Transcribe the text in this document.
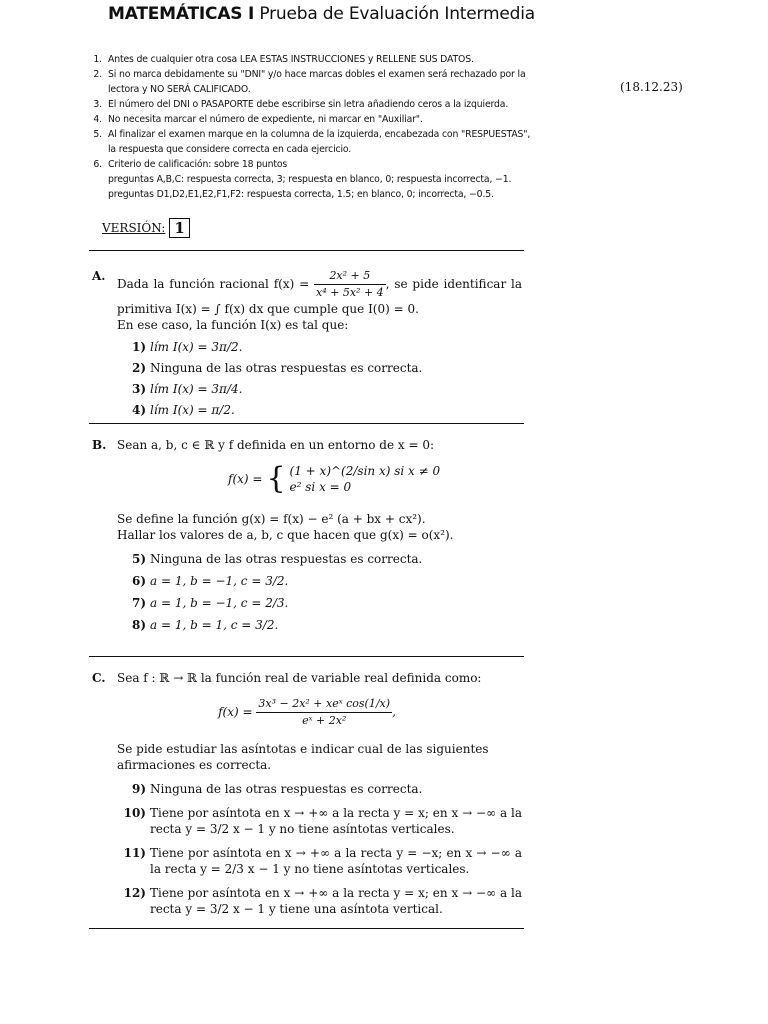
MATEMÁTICAS I Prueba de Evaluación Intermedia
1. Antes de cualquier otra cosa LEA ESTAS INSTRUCCIONES y RELLENE SUS DATOS.
2. Si no marca debidamente su "DNI" y/o hace marcas dobles el examen será rechazado por la lectora y NO SERÁ CALIFICADO.
3. El número del DNI o PASAPORTE debe escribirse sin letra añadiendo ceros a la izquierda.
4. No necesita marcar el número de expediente, ni marcar en "Auxiliar".
5. Al finalizar el examen marque en la columna de la izquierda, encabezada con "RESPUESTAS", la respuesta que considere correcta en cada ejercicio.
6. Criterio de calificación: sobre 18 puntos
preguntas A,B,C: respuesta correcta, 3; respuesta en blanco, 0; respuesta incorrecta, −1.
preguntas D1,D2,E1,E2,F1,F2: respuesta correcta, 1.5; en blanco, 0; incorrecta, −0.5.
(18.12.23)
VERSIÓN: 1
A.
Dada la función racional $f(x) = \frac{\text{2x² + 5}}{\text{x⁴ + 5x² + 4}}$ , se pide identificar la primitiva I(x) = ∫ f(x) dx que cumple que I(0) = 0.
En ese caso, la función I(x) es tal que:
1) lím I(x) = 3π/2.
2) Ninguna de las otras respuestas es correcta.
3) lím I(x) = 3π/4.
4) lím I(x) = π/2.
B. Sean a, b, c ∈ ℝ y f definida en un entorno de x = 0:
f(x) = { (1 + x)^(2/sin x) si x ≠ 0
e² si x = 0
Se define la función g(x) = f(x) − e² (a + bx + cx²).
Hallar los valores de a, b, c que hacen que g(x) = o(x²).
5) Ninguna de las otras respuestas es correcta.
6) a = 1, b = −1, c = 3/2.
7) a = 1, b = −1, c = 2/3.
8) a = 1, b = 1, c = 3/2.
C. Sea f : ℝ → ℝ la función real de variable real definida como:
$f(x) = \frac{\text{3x³ − 2x² + xeˣ cos(1/x)}}{\text{eˣ + 2x²}}$ ,
Se pide estudiar las asíntotas e indicar cual de las siguientes afirmaciones es correcta.
9) Ninguna de las otras respuestas es correcta.
10) Tiene por asíntota en x → +∞ a la recta y = x; en x → −∞ a la recta y = 3/2 x − 1 y no tiene asíntotas verticales.
11) Tiene por asíntota en x → +∞ a la recta y = −x; en x → −∞ a la recta y = 2/3 x − 1 y no tiene asíntotas verticales.
12) Tiene por asíntota en x → +∞ a la recta y = x; en x → −∞ a la recta y = 3/2 x − 1 y tiene una asíntota vertical.
